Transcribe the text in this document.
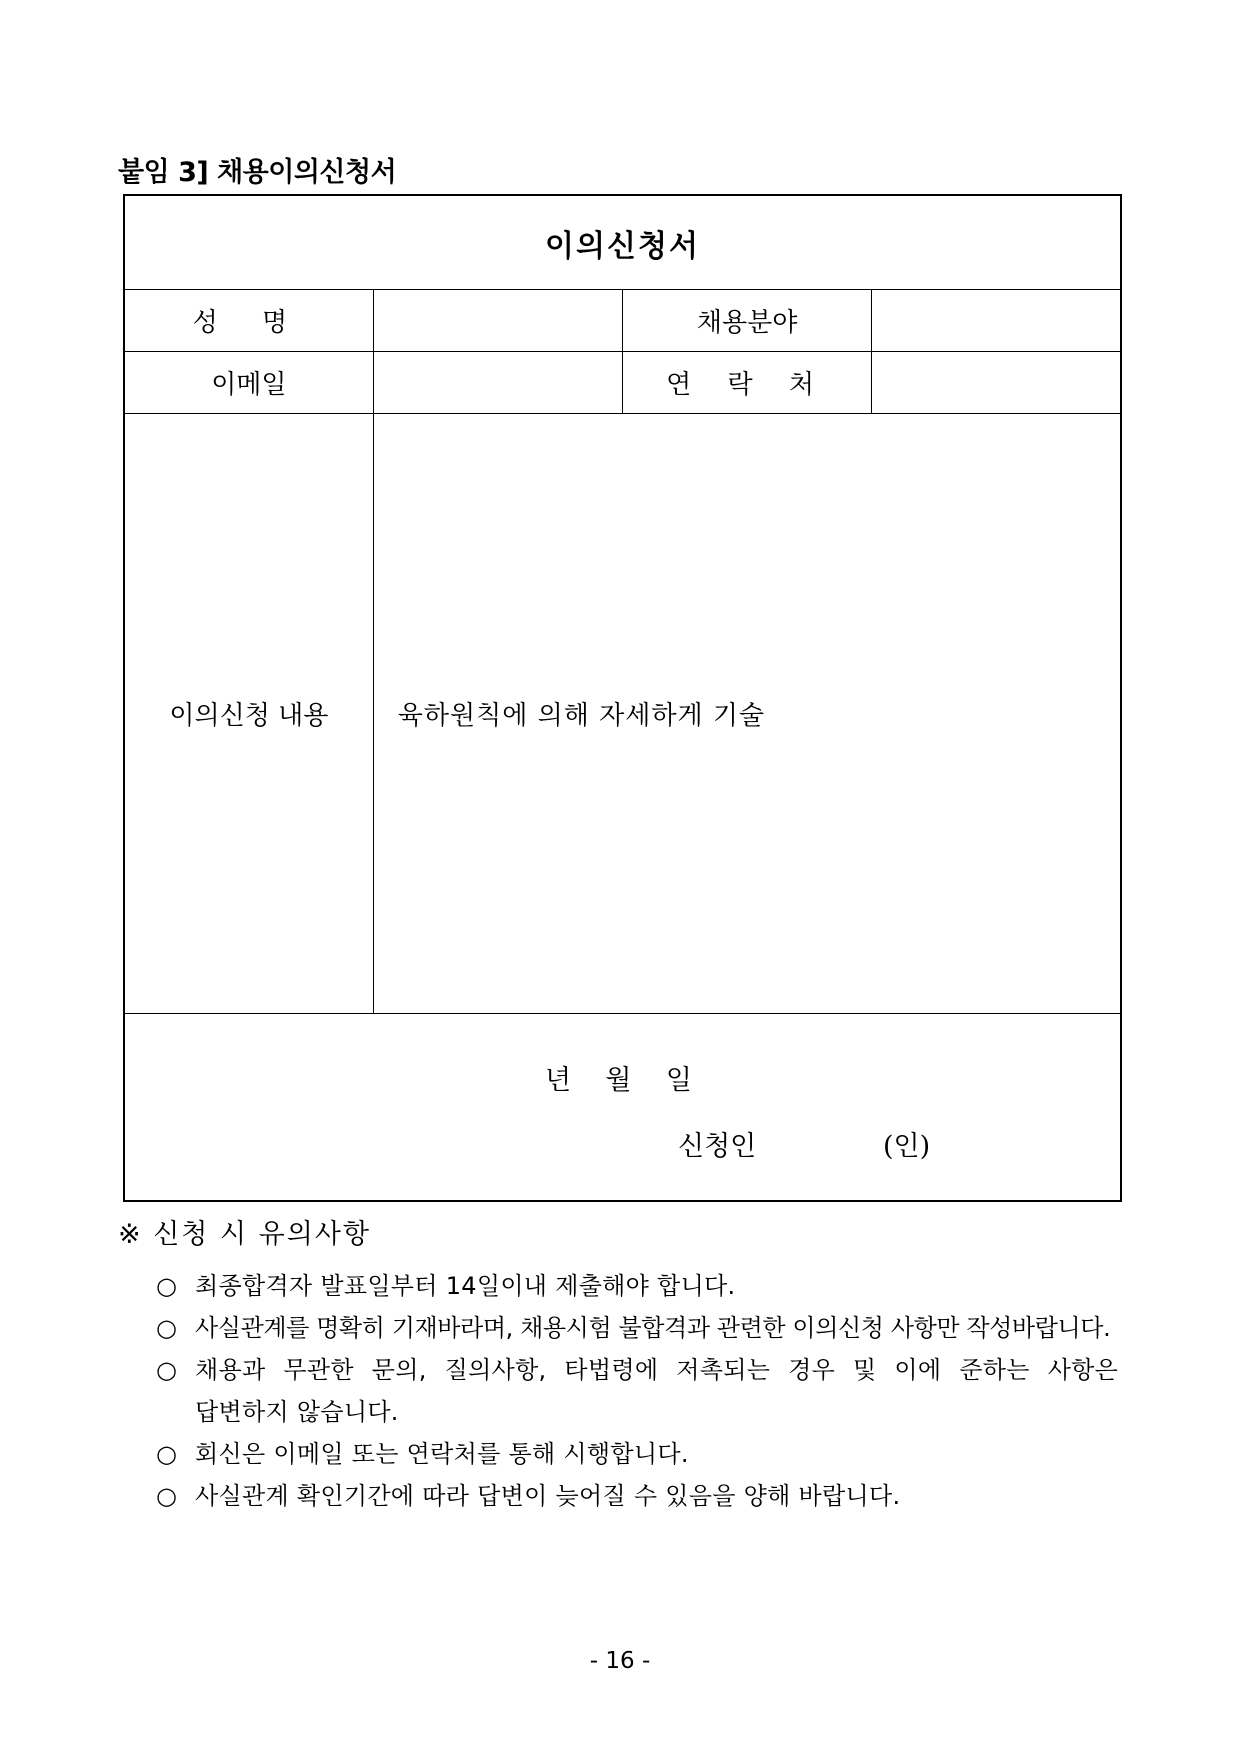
붙임 3] 채용이의신청서
이의신청서			
성 명		채용분야	
이메일		연 락 처	
이의신청 내용	육하원칙에 의해 자세하게 기술		

년    월    일
신청인 (인)			
※ 신청 시 유의사항
○ 최종합격자 발표일부터 14일이내 제출해야 합니다.
○ 사실관계를 명확히 기재바라며, 채용시험 불합격과 관련한 이의신청 사항만 작성바랍니다.
○ 채용과 무관한 문의, 질의사항, 타법령에 저촉되는 경우 및 이에 준하는 사항은
답변하지 않습니다.
○ 회신은 이메일 또는 연락처를 통해 시행합니다.
○ 사실관계 확인기간에 따라 답변이 늦어질 수 있음을 양해 바랍니다.
- 16 -
